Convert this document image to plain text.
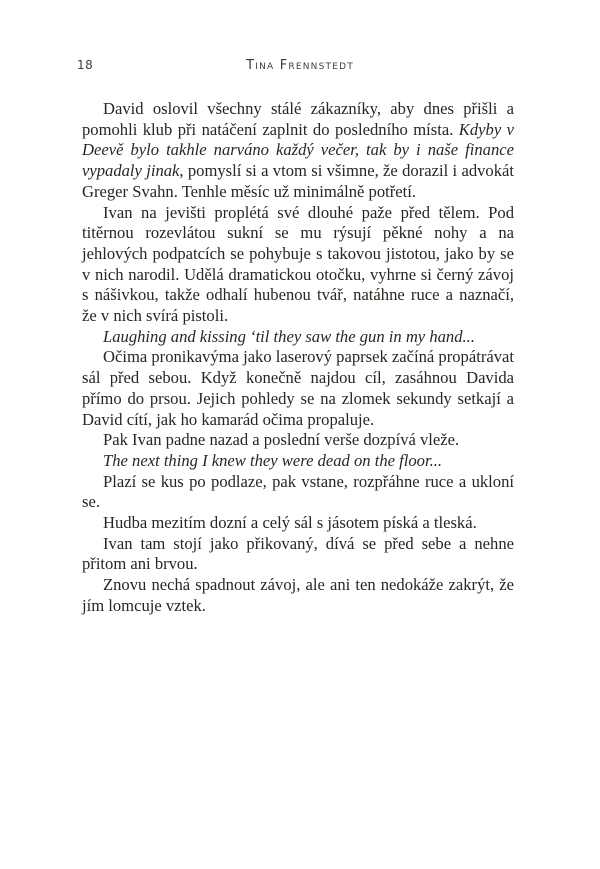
18	Tina Frennstedt

David oslovil všechny stálé zákazníky, aby dnes přišli a pomohli klub při natáčení zaplnit do posledního místa. Kdyby v Deevě bylo takhle narváno každý večer, tak by i naše finance vypadaly jinak, pomyslí si a vtom si všimne, že dorazil i advokát Greger Svahn. Tenhle měsíc už minimálně potřetí.

Ivan na jevišti proplétá své dlouhé paže před tělem. Pod titěrnou rozevlátou sukní se mu rýsují pěkné nohy a na jehlových podpatcích se pohybuje s takovou jistotou, jako by se v nich narodil. Udělá dramatickou otočku, vyhrne si černý závoj s nášivkou, takže odhalí hubenou tvář, natáhne ruce a naznačí, že v nich svírá pistoli.

Laughing and kissing ‘til they saw the gun in my hand...

Očima pronikavýma jako laserový paprsek začíná propátrávat sál před sebou. Když konečně najdou cíl, zasáhnou Davida přímo do prsou. Jejich pohledy se na zlomek sekundy setkají a David cítí, jak ho kamarád očima propaluje.

Pak Ivan padne nazad a poslední verše dozpívá vleže.

The next thing I knew they were dead on the floor...

Plazí se kus po podlaze, pak vstane, rozpřáhne ruce a ukloní se.

Hudba mezitím dozní a celý sál s jásotem píská a tleská.

Ivan tam stojí jako přikovaný, dívá se před sebe a nehne přitom ani brvou.

Znovu nechá spadnout závoj, ale ani ten nedokáže zakrýt, že jím lomcuje vztek.
